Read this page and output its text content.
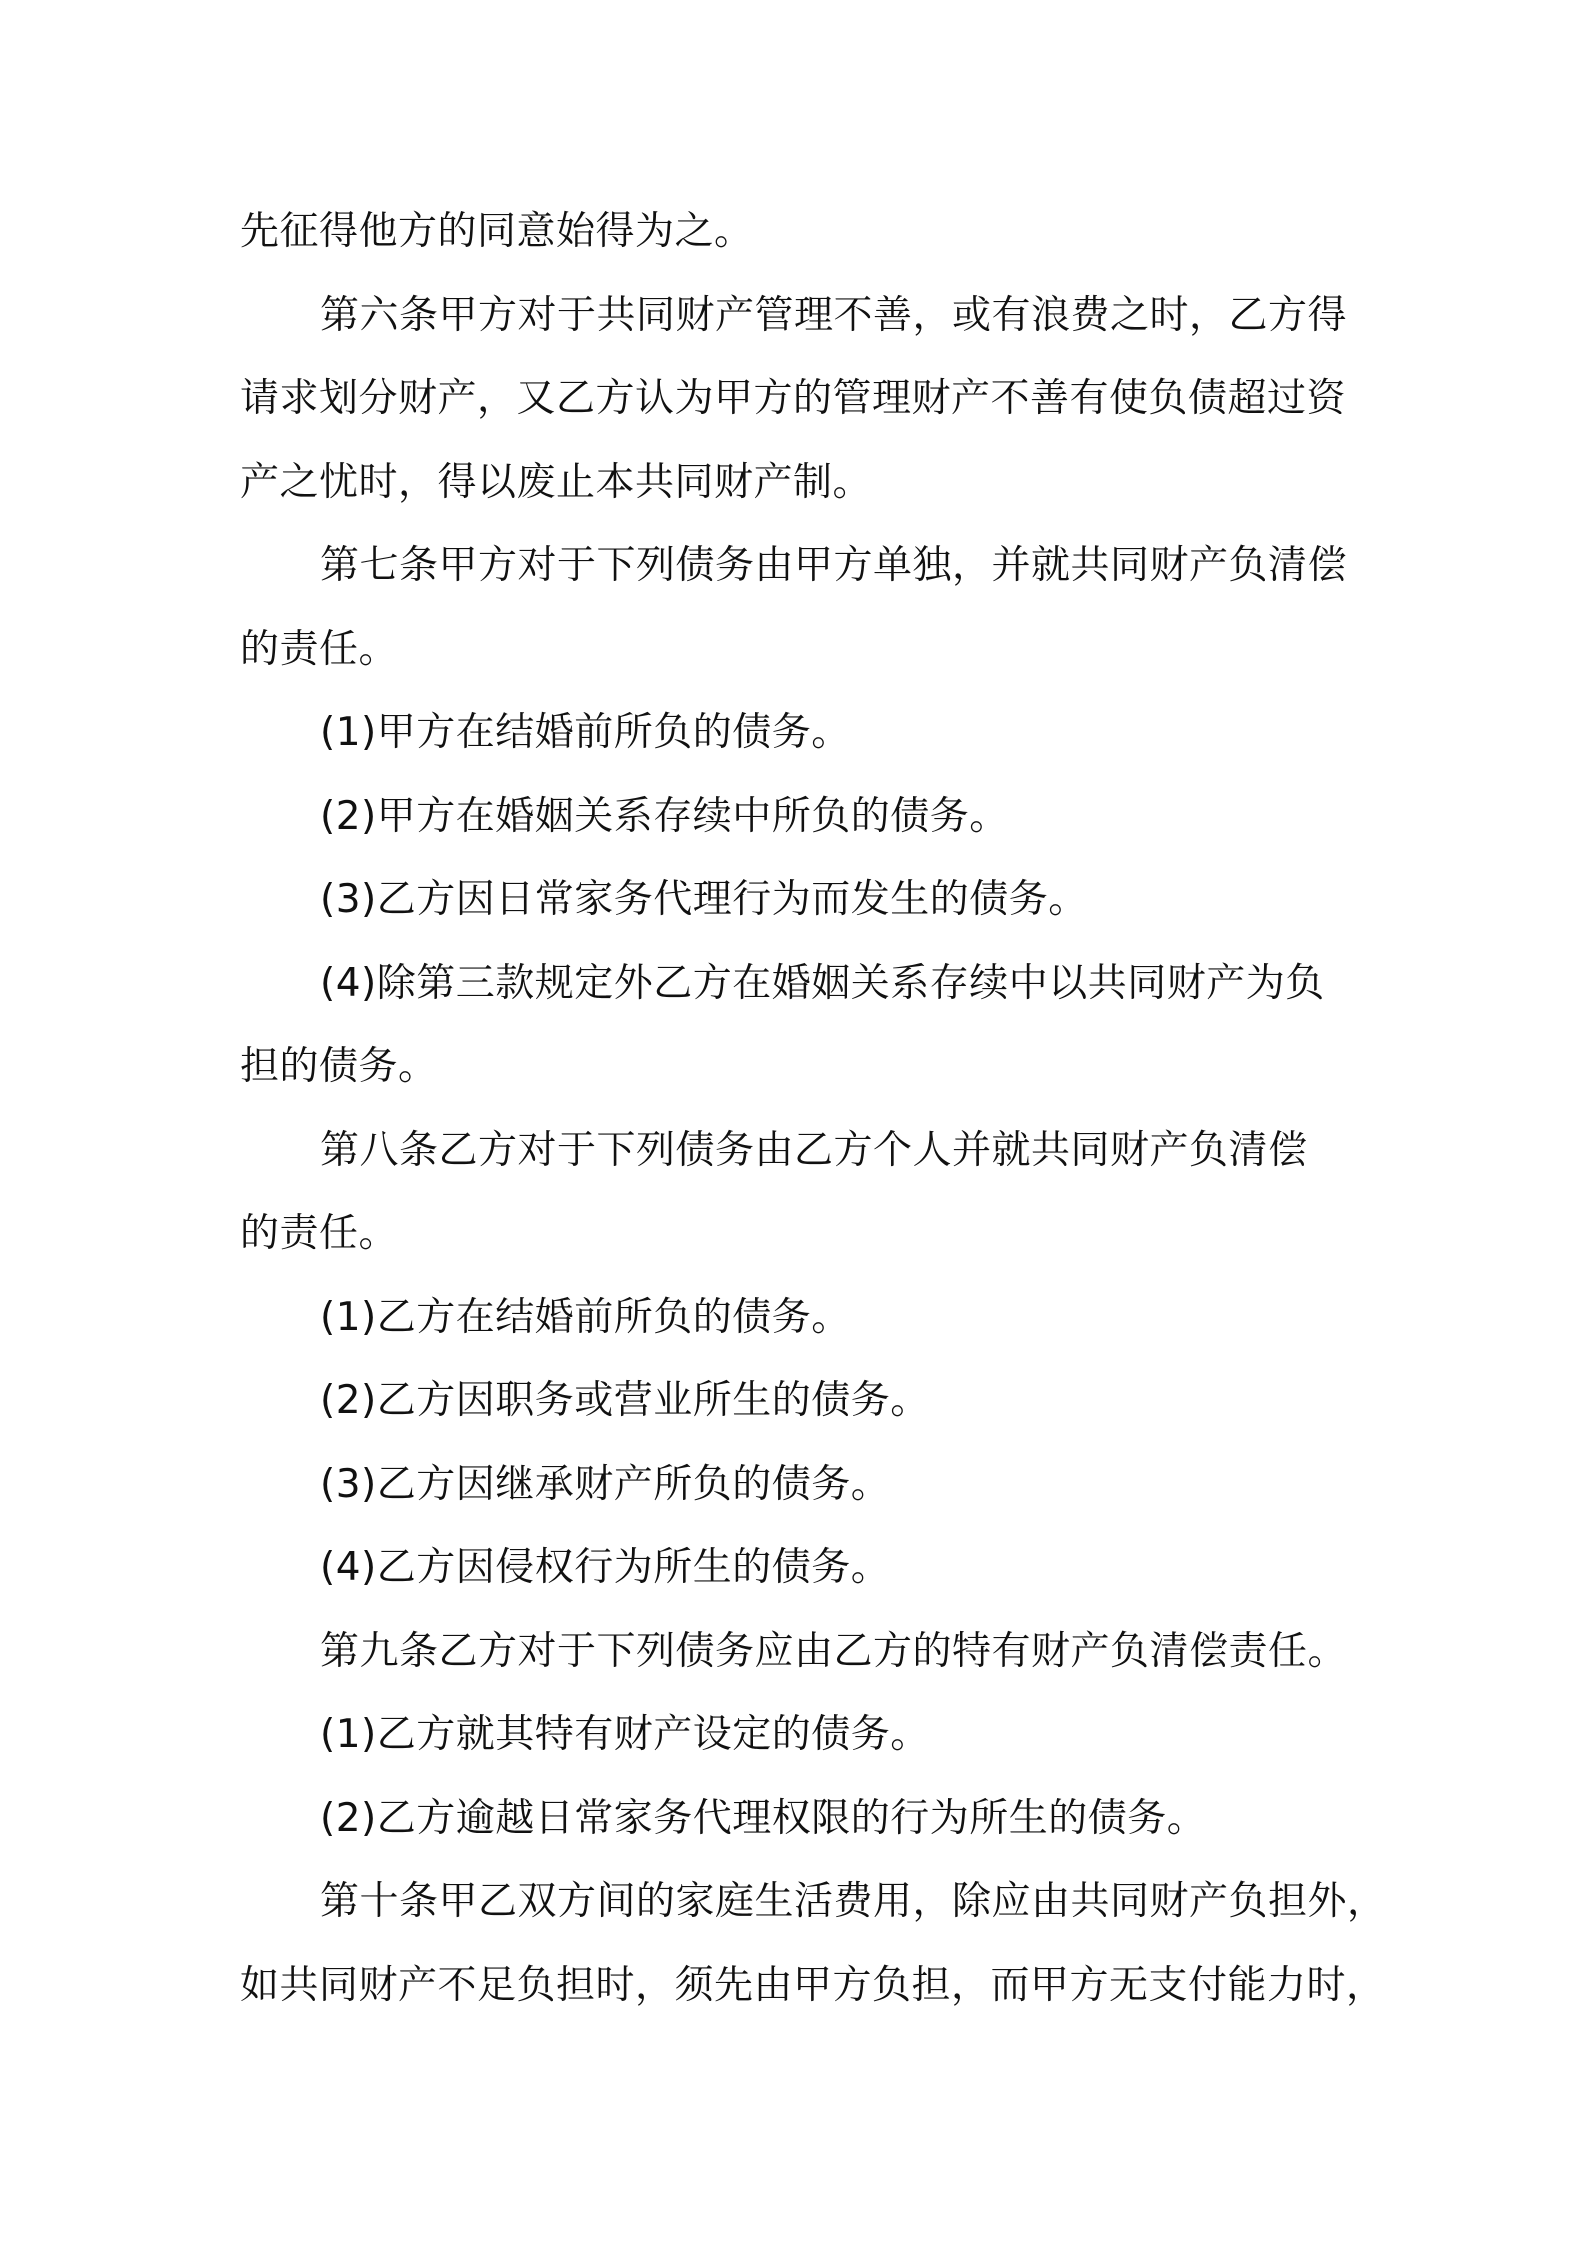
先征得他方的同意始得为之。
第六条甲方对于共同财产管理不善，或有浪费之时，乙方得
请求划分财产，又乙方认为甲方的管理财产不善有使负债超过资
产之忧时，得以废止本共同财产制。
第七条甲方对于下列债务由甲方单独，并就共同财产负清偿
的责任。
(1)甲方在结婚前所负的债务。
(2)甲方在婚姻关系存续中所负的债务。
(3)乙方因日常家务代理行为而发生的债务。
(4)除第三款规定外乙方在婚姻关系存续中以共同财产为负
担的债务。
第八条乙方对于下列债务由乙方个人并就共同财产负清偿
的责任。
(1)乙方在结婚前所负的债务。
(2)乙方因职务或营业所生的债务。
(3)乙方因继承财产所负的债务。
(4)乙方因侵权行为所生的债务。
第九条乙方对于下列债务应由乙方的特有财产负清偿责任。
(1)乙方就其特有财产设定的债务。
(2)乙方逾越日常家务代理权限的行为所生的债务。
第十条甲乙双方间的家庭生活费用，除应由共同财产负担外，
如共同财产不足负担时，须先由甲方负担，而甲方无支付能力时，
